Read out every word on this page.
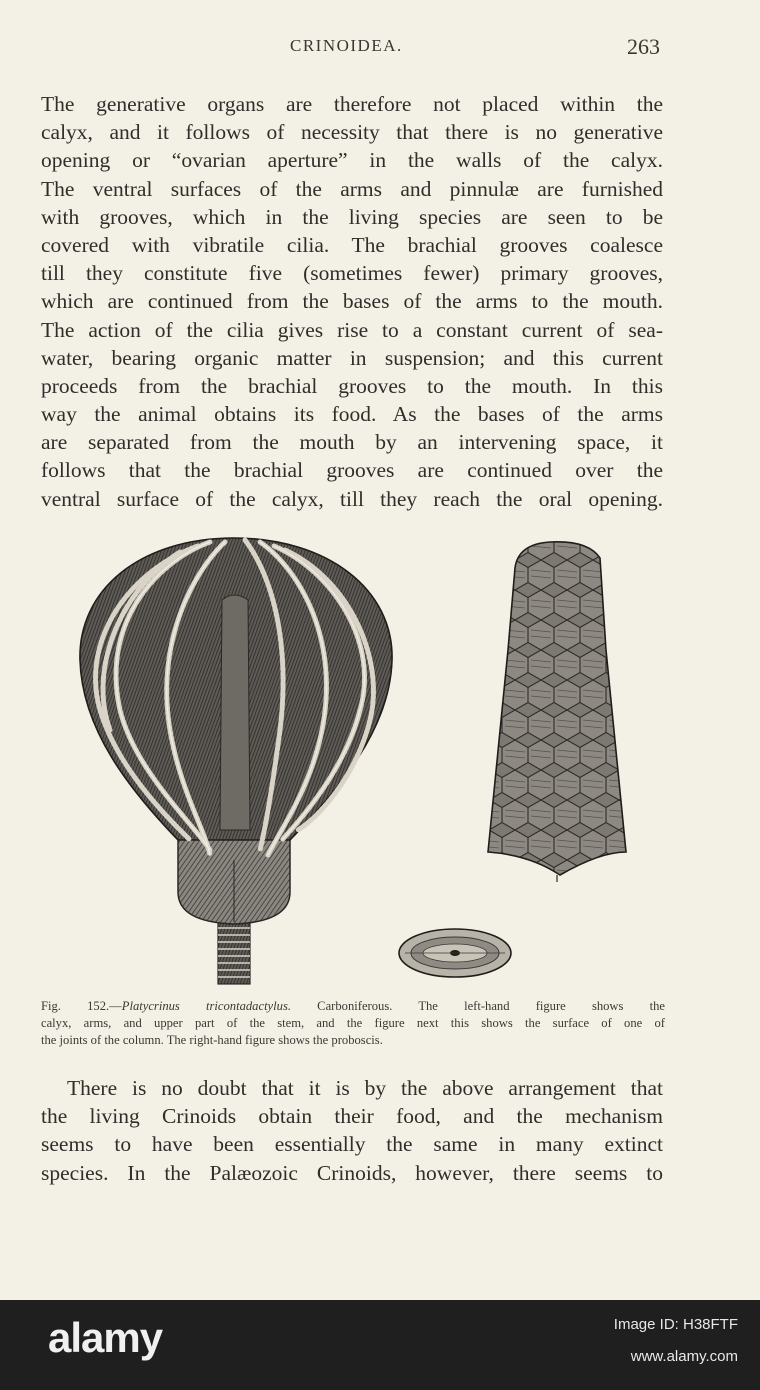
CRINOIDEA.	263
The generative organs are therefore not placed within the
calyx, and it follows of necessity that there is no generative
opening or “ovarian aperture” in the walls of the calyx.
The ventral surfaces of the arms and pinnulæ are furnished
with grooves, which in the living species are seen to be
covered with vibratile cilia. The brachial grooves coalesce
till they constitute five (sometimes fewer) primary grooves,
which are continued from the bases of the arms to the mouth.
The action of the cilia gives rise to a constant current of sea-
water, bearing organic matter in suspension; and this current
proceeds from the brachial grooves to the mouth. In this
way the animal obtains its food. As the bases of the arms
are separated from the mouth by an intervening space, it
follows that the brachial grooves are continued over the
ventral surface of the calyx, till they reach the oral opening.
Fig. 152.—Platycrinus tricontadactylus. Carboniferous. The left-hand figure shows the
calyx, arms, and upper part of the stem, and the figure next this shows the surface of one of
the joints of the column. The right-hand figure shows the proboscis.
There is no doubt that it is by the above arrangement that
the living Crinoids obtain their food, and the mechanism
seems to have been essentially the same in many extinct
species. In the Palæozoic Crinoids, however, there seems to
alamy	Image ID: H38FTF
www.alamy.com
